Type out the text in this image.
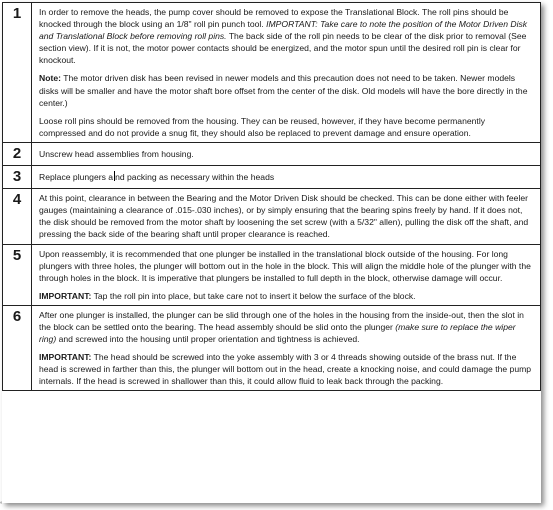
1	In order to remove the heads, the pump cover should be removed to expose the Translational Block. The roll pins should be knocked through the block using an 1/8" roll pin punch tool. IMPORTANT: Take care to note the position of the Motor Driven Disk and Translational Block before removing roll pins. The back side of the roll pin needs to be clear of the disk prior to removal (See section view). If it is not, the motor power contacts should be energized, and the motor spun until the desired roll pin is clear for knockout.

Note: The motor driven disk has been revised in newer models and this precaution does not need to be taken. Newer models disks will be smaller and have the motor shaft bore offset from the center of the disk. Old models will have the bore directly in the center.)

Loose roll pins should be removed from the housing. They can be reused, however, if they have become permanently compressed and do not provide a snug fit, they should also be replaced to prevent damage and ensure operation.

2	Unscrew head assemblies from housing.

3	Replace plungers a nd packing as necessary within the heads

4	At this point, clearance in between the Bearing and the Motor Driven Disk should be checked. This can be done either with feeler gauges (maintaining a clearance of .015-.030 inches), or by simply ensuring that the bearing spins freely by hand. If it does not, the disk should be removed from the motor shaft by loosening the set screw (with a 5/32" allen), pulling the disk off the shaft, and pressing the back side of the bearing shaft until proper clearance is reached.

5	Upon reassembly, it is recommended that one plunger be installed in the translational block outside of the housing. For long plungers with three holes, the plunger will bottom out in the hole in the block. This will align the middle hole of the plunger with the through holes in the block. It is imperative that plungers be installed to full depth in the block, otherwise damage will occur.

IMPORTANT: Tap the roll pin into place, but take care not to insert it below the surface of the block.

6	After one plunger is installed, the plunger can be slid through one of the holes in the housing from the inside-out, then the slot in the block can be settled onto the bearing. The head assembly should be slid onto the plunger (make sure to replace the wiper ring) and screwed into the housing until proper orientation and tightness is achieved.

IMPORTANT: The head should be screwed into the yoke assembly with 3 or 4 threads showing outside of the brass nut. If the head is screwed in farther than this, the plunger will bottom out in the head, create a knocking noise, and could damage the pump internals. If the head is screwed in shallower than this, it could allow fluid to leak back through the packing.

°
